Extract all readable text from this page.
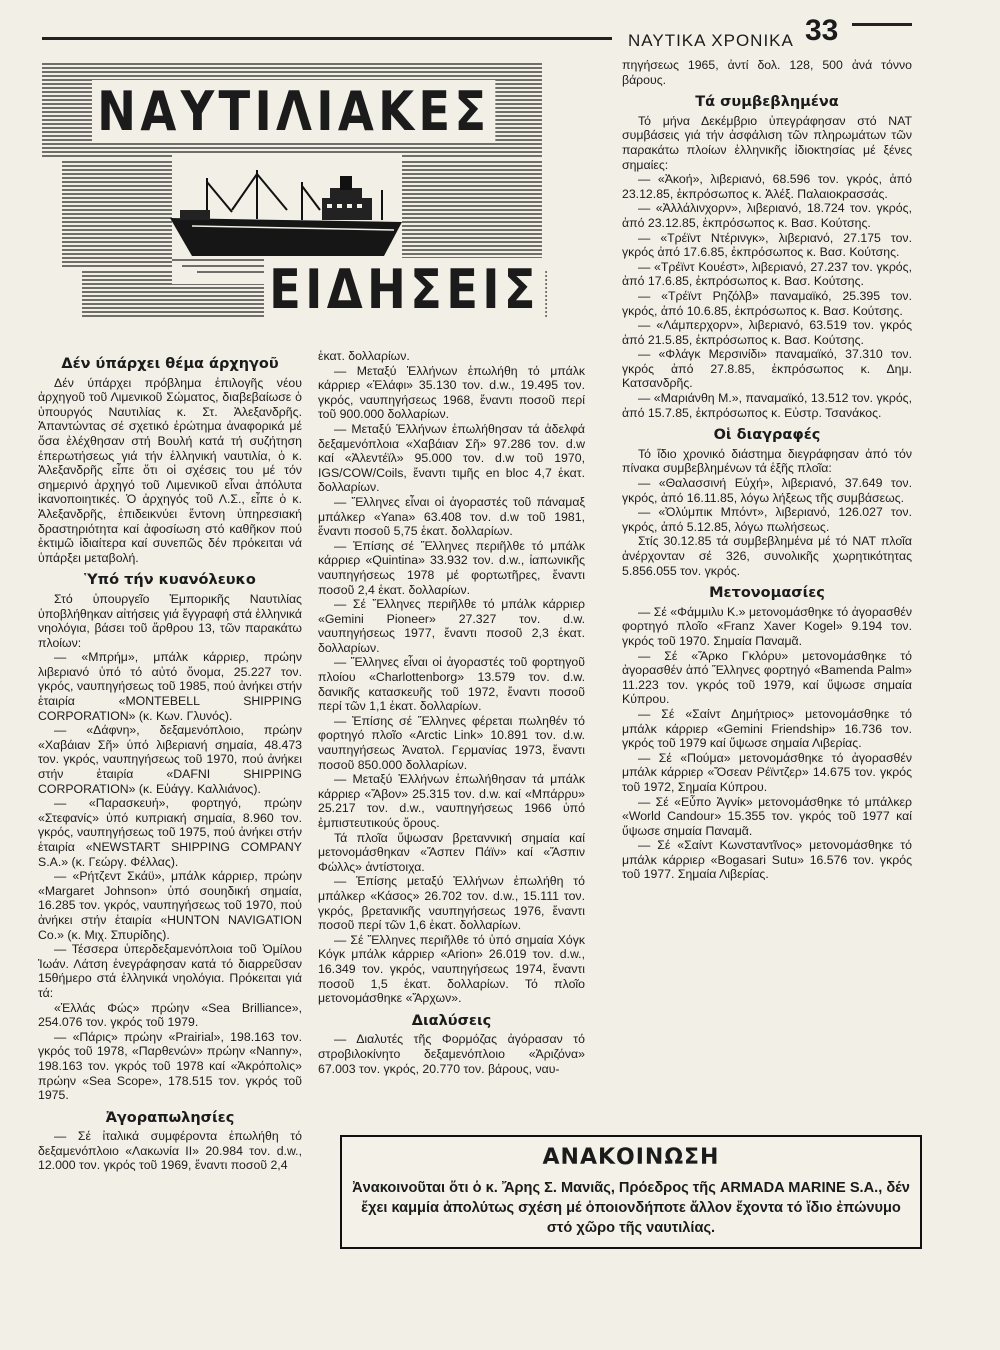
ΝΑΥΤΙΚΑ ΧΡΟΝΙΚΑ 33
ΝΑΥΤΙΛΙΑΚΕΣ
ΕΙΔΗΣΕΙΣ
Δέν ύπάρχει θέμα άρχηγοῦ

Δέν ύπάρχει πρόβλημα ἐπιλογῆς νέου ἀρχηγοῦ τοῦ Λιμενικοῦ Σώματος, διαβεβαίωσε ὁ ὑπουργός Ναυτιλίας κ. Στ. Ἀλεξανδρῆς. Ἀπαντώντας σέ σχετικό ἐρώτημα ἀναφορικά μέ ὅσα ἐλέχθησαν στή Βουλή κατά τή συζήτηση ἐπερωτήσεως γιά τήν ἑλληνική ναυτιλία, ὁ κ. Ἀλεξανδρῆς εἶπε ὅτι οἱ σχέσεις του μέ τόν σημερινό ἀρχηγό τοῦ Λιμενικοῦ εἶναι ἀπόλυτα ἱκανοποιητικές. Ὁ ἀρχηγός τοῦ Λ.Σ., εἶπε ὁ κ. Ἀλεξανδρῆς, ἐπιδεικνύει ἔντονη ὑπηρεσιακή δραστηριότητα καί ἀφοσίωση στό καθῆκον πού ἐκτιμῶ ἰδιαίτερα καί συνεπῶς δέν πρόκειται νά ὑπάρξει μεταβολή.

Ὑπό τήν κυανόλευκο

Στό ὑπουργεῖο Ἐμπορικῆς Ναυτιλίας ὑποβλήθηκαν αἰτήσεις γιά ἔγγραφή στά ἑλληνικά νηολόγια, βάσει τοῦ ἄρθρου 13, τῶν παρακάτω πλοίων:

— «Μπρήμ», μπάλκ κάρριερ, πρώην λιβεριανό ὑπό τό αὐτό ὄνομα, 25.227 τον. γκρός, ναυπηγήσεως τοῦ 1985, πού ἀνήκει στήν ἑταιρία «MONTEBELL SHIPPING CORPORATION» (κ. Κων. Γλυνός).

— «Δάφνη», δεξαμενόπλοιο, πρώην «Χαβάιαν Σῆ» ὑπό λιβεριανή σημαία, 48.473 τον. γκρός, ναυπηγήσεως τοῦ 1970, πού ἀνήκει στήν ἑταιρία «DAFNI SHIPPING CORPORATION» (κ. Εὐάγγ. Καλλιάνος).

— «Παρασκευή», φορτηγό, πρώην «Στεφανίς» ὑπό κυπριακή σημαία, 8.960 τον. γκρός, ναυπηγήσεως τοῦ 1975, πού ἀνήκει στήν ἑταιρία «NEWSTART SHIPPING COMPANY S.A.» (κ. Γεώργ. Φέλλας).

— «Ρήτζεντ Σκάϋ», μπάλκ κάρριερ, πρώην «Margaret Johnson» ὑπό σουηδική σημαία, 16.285 τον. γκρός, ναυπηγήσεως τοῦ 1970, πού ἀνήκει στήν ἑταιρία «HUNTON NAVIGATION Co.» (κ. Μιχ. Σπυρίδης).

— Τέσσερα ὑπερδεξαμενόπλοια τοῦ Ὀμίλου Ἰωάν. Λάτση ἐνεγράφησαν κατά τό διαρρεῦσαν 15θήμερο στά ἑλληνικά νηολόγια. Πρόκειται γιά τά:

«Ἑλλάς Φώς» πρώην «Sea Brilliance», 254.076 τον. γκρός τοῦ 1979.

— «Πάρις» πρώην «Prairial», 198.163 τον. γκρός τοῦ 1978, «Παρθενών» πρώην «Nanny», 198.163 τον. γκρός τοῦ 1978 καί «Ἀκρόπολις» πρώην «Sea Scope», 178.515 τον. γκρός τοῦ 1975.

Ἀγοραπωλησίες

— Σέ ἰταλικά συμφέροντα ἐπωλήθη τό δεξαμενόπλοιο «Λακωνία ΙΙ» 20.984 τον. d.w., 12.000 τον. γκρός τοῦ 1969, ἔναντι ποσοῦ 2,4

ἑκατ. δολλαρίων.

— Μεταξύ Ἑλλήνων ἐπωλήθη τό μπάλκ κάρριερ «Ἐλάφι» 35.130 τον. d.w., 19.495 τον. γκρός, ναυπηγήσεως 1968, ἔναντι ποσοῦ περί τοῦ 900.000 δολλαρίων.

— Μεταξύ Ἑλλήνων ἐπωλήθησαν τά ἀδελφά δεξαμενόπλοια «Χαβάιαν Σῆ» 97.286 τον. d.w καί «Ἀλεντέϊλ» 95.000 τον. d.w τοῦ 1970, IGS/COW/Coils, ἔναντι τιμῆς en bloc 4,7 ἑκατ. δολλαρίων.

— Ἕλληνες εἶναι οἱ ἀγοραστές τοῦ πάναμαξ μπάλκερ «Yana» 63.408 τον. d.w τοῦ 1981, ἔναντι ποσοῦ 5,75 ἑκατ. δολλαρίων.

— Ἐπίσης σέ Ἕλληνες περιῆλθε τό μπάλκ κάρριερ «Quintina» 33.932 τον. d.w., ἰαπωνικῆς ναυπηγήσεως 1978 μέ φορτωτῆρες, ἔναντι ποσοῦ 2,4 ἑκατ. δολλαρίων.

— Σέ Ἕλληνες περιῆλθε τό μπάλκ κάρριερ «Gemini Pioneer» 27.327 τον. d.w. ναυπηγήσεως 1977, ἔναντι ποσοῦ 2,3 ἑκατ. δολλαρίων.

— Ἕλληνες εἶναι οἱ ἀγοραστές τοῦ φορτηγοῦ πλοίου «Charlottenborg» 13.579 τον. d.w. δανικῆς κατασκευῆς τοῦ 1972, ἔναντι ποσοῦ περί τῶν 1,1 ἑκατ. δολλαρίων.

— Ἐπίσης σέ Ἕλληνες φέρεται πωληθέν τό φορτηγό πλοῖο «Arctic Link» 10.891 τον. d.w. ναυπηγήσεως Ἀνατολ. Γερμανίας 1973, ἔναντι ποσοῦ 850.000 δολλαρίων.

— Μεταξύ Ἑλλήνων ἐπωλήθησαν τά μπάλκ κάρριερ «Ἄβον» 25.315 τον. d.w. καί «Μπάρρυ» 25.217 τον. d.w., ναυπηγήσεως 1966 ὑπό ἐμπιστευτικούς ὅρους.

Τά πλοῖα ὕψωσαν βρεταννική σημαία καί μετονομάσθηκαν «Ἄσπεν Πάϊν» καί «Ἄσπιν Φώλλς» ἀντίστοιχα.

— Ἐπίσης μεταξύ Ἑλλήνων ἐπωλήθη τό μπάλκερ «Κάσος» 26.702 τον. d.w., 15.111 τον. γκρός, βρετανικῆς ναυπηγήσεως 1976, ἔναντι ποσοῦ περί τῶν 1,6 ἑκατ. δολλαρίων.

— Σέ Ἕλληνες περιῆλθε τό ὑπό σημαία Χόγκ Κόγκ μπάλκ κάρριερ «Arion» 26.019 τον. d.w., 16.349 τον. γκρός, ναυπηγήσεως 1974, ἔναντι ποσοῦ 1,5 ἑκατ. δολλαρίων. Τό πλοῖο μετονομάσθηκε «Ἄρχων».

Διαλύσεις

— Διαλυτές τῆς Φορμόζας ἀγόρασαν τό στροβιλοκίνητο δεξαμενόπλοιο «Ἀριζόνα» 67.003 τον. γκρός, 20.770 τον. βάρους, ναυ-

πηγήσεως 1965, ἀντί δολ. 128, 500 ἀνά τόννο βάρους.

Τά συμβεβλημένα

Τό μήνα Δεκέμβριο ὑπεγράφησαν στό ΝΑΤ συμβάσεις γιά τήν ἀσφάλιση τῶν πληρωμάτων τῶν παρακάτω πλοίων ἑλληνικῆς ἰδιοκτησίας μέ ξένες σημαίες:

— «Ἀκοή», λιβεριανό, 68.596 τον. γκρός, ἀπό 23.12.85, ἐκπρόσωπος κ. Ἀλέξ. Παλαιοκρασσάς.

— «Ἀλλάλινχορν», λιβεριανό, 18.724 τον. γκρός, ἀπό 23.12.85, ἐκπρόσωπος κ. Βασ. Κούτσης.

— «Τρέϊντ Ντέρινγκ», λιβεριανό, 27.175 τον. γκρός ἀπό 17.6.85, ἐκπρόσωπος κ. Βασ. Κούτσης.

— «Τρέϊντ Κουέστ», λιβεριανό, 27.237 τον. γκρός, ἀπό 17.6.85, ἐκπρόσωπος κ. Βασ. Κούτσης.

— «Τρέϊντ Ρηζόλβ» παναμαϊκό, 25.395 τον. γκρός, ἀπό 10.6.85, ἐκπρόσωπος κ. Βασ. Κούτσης.

— «Λάμπερχορν», λιβεριανό, 63.519 τον. γκρός ἀπό 21.5.85, ἐκπρόσωπος κ. Βασ. Κούτσης.

— «Φλάγκ Μερσινίδι» παναμαϊκό, 37.310 τον. γκρός ἀπό 27.8.85, ἐκπρόσωπος κ. Δημ. Κατσανδρῆς.

— «Μαριάνθη Μ.», παναμαϊκό, 13.512 τον. γκρός, ἀπό 15.7.85, ἐκπρόσωπος κ. Εὐστρ. Τσανάκος.

Οἱ διαγραφές

Τό ἴδιο χρονικό διάστημα διεγράφησαν ἀπό τόν πίνακα συμβεβλημένων τά ἑξῆς πλοῖα:

— «Θαλασσινή Εὐχή», λιβεριανό, 37.649 τον. γκρός, ἀπό 16.11.85, λόγω λήξεως τῆς συμβάσεως.

— «Ὀλύμπικ Μπόντ», λιβεριανό, 126.027 τον. γκρός, ἀπό 5.12.85, λόγω πωλήσεως.

Στίς 30.12.85 τά συμβεβλημένα μέ τό ΝΑΤ πλοῖα ἀνέρχονταν σέ 326, συνολικῆς χωρητικότητας 5.856.055 τον. γκρός.

Μετονομασίες

— Σέ «Φάμμιλυ Κ.» μετονομάσθηκε τό ἀγορασθέν φορτηγό πλοῖο «Franz Xaver Kogel» 9.194 τον. γκρός τοῦ 1970. Σημαία Παναμᾶ.

— Σέ «Ἄρκο Γκλόρυ» μετονομάσθηκε τό ἀγορασθέν ἀπό Ἕλληνες φορτηγό «Bamenda Palm» 11.223 τον. γκρός τοῦ 1979, καί ὕψωσε σημαία Κύπρου.

— Σέ «Σαίντ Δημήτριος» μετονομάσθηκε τό μπάλκ κάρριερ «Gemini Friendship» 16.736 τον. γκρός τοῦ 1979 καί ὕψωσε σημαία Λιβερίας.

— Σέ «Πούμα» μετονομάσθηκε τό ἀγορασθέν μπάλκ κάρριερ «Ὄσεαν Ρέϊντζερ» 14.675 τον. γκρός τοῦ 1972, Σημαία Κύπρου.

— Σέ «Εὖπο Ἀγνίκ» μετονομάσθηκε τό μπάλκερ «World Candour» 15.355 τον. γκρός τοῦ 1977 καί ὕψωσε σημαία Παναμᾶ.

— Σέ «Σαίντ Κωνσταντῖνος» μετονομάσθηκε τό μπάλκ κάρριερ «Bogasari Sutu» 16.576 τον. γκρός τοῦ 1977. Σημαία Λιβερίας.

ΑΝΑΚΟΙΝΩΣΗ
Ἀνακοινοῦται ὅτι ὁ κ. Ἄρης Σ. Μανιᾶς, Πρόεδρος τῆς ARMADA MARINE S.A., δέν ἔχει καμμία ἀπολύτως σχέση μέ ὁποιονδήποτε ἄλλον ἔχοντα τό ἴδιο ἐπώνυμο στό χῶρο τῆς ναυτιλίας.
